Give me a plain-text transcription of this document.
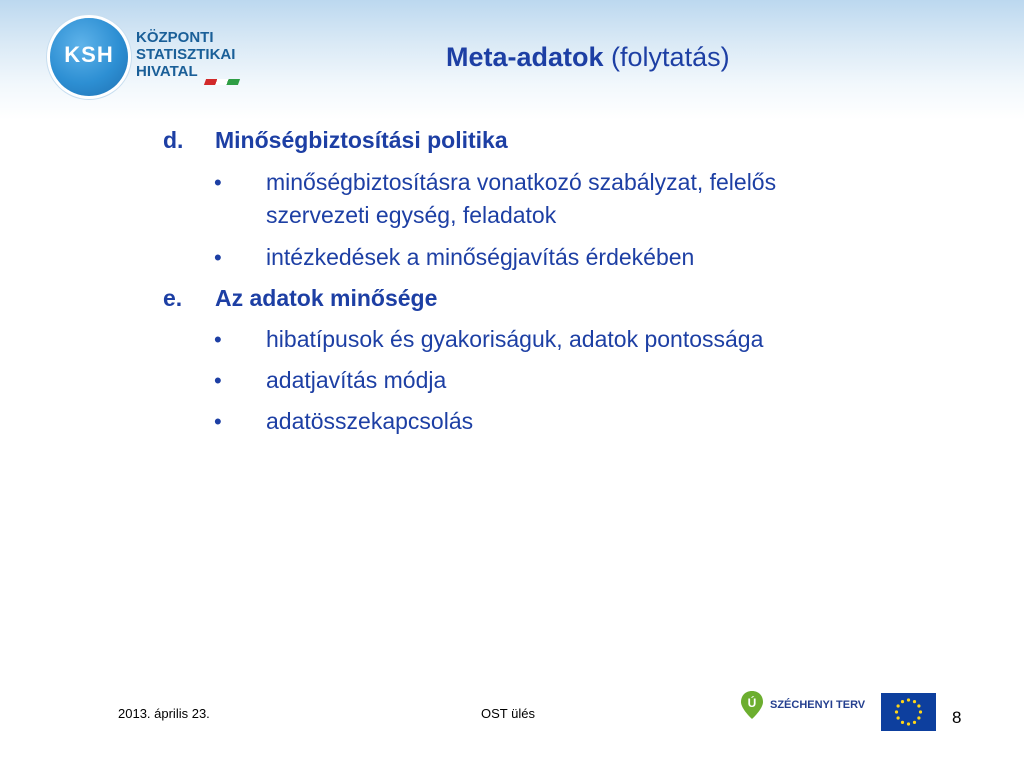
KSH
KÖZPONTI
STATISZTIKAI
HIVATAL	Meta-adatok (folytatás)
d. Minőségbiztosítási politika
• minőségbiztosításra vonatkozó szabályzat, felelős
szervezeti egység, feladatok
• intézkedések a minőségjavítás érdekében
e. Az adatok minősége
• hibatípusok és gyakoriságuk, adatok pontossága
• adatjavítás módja
• adatösszekapcsolás
2013. április 23.	OST ülés
Ú SZÉCHENYI TERV
8
